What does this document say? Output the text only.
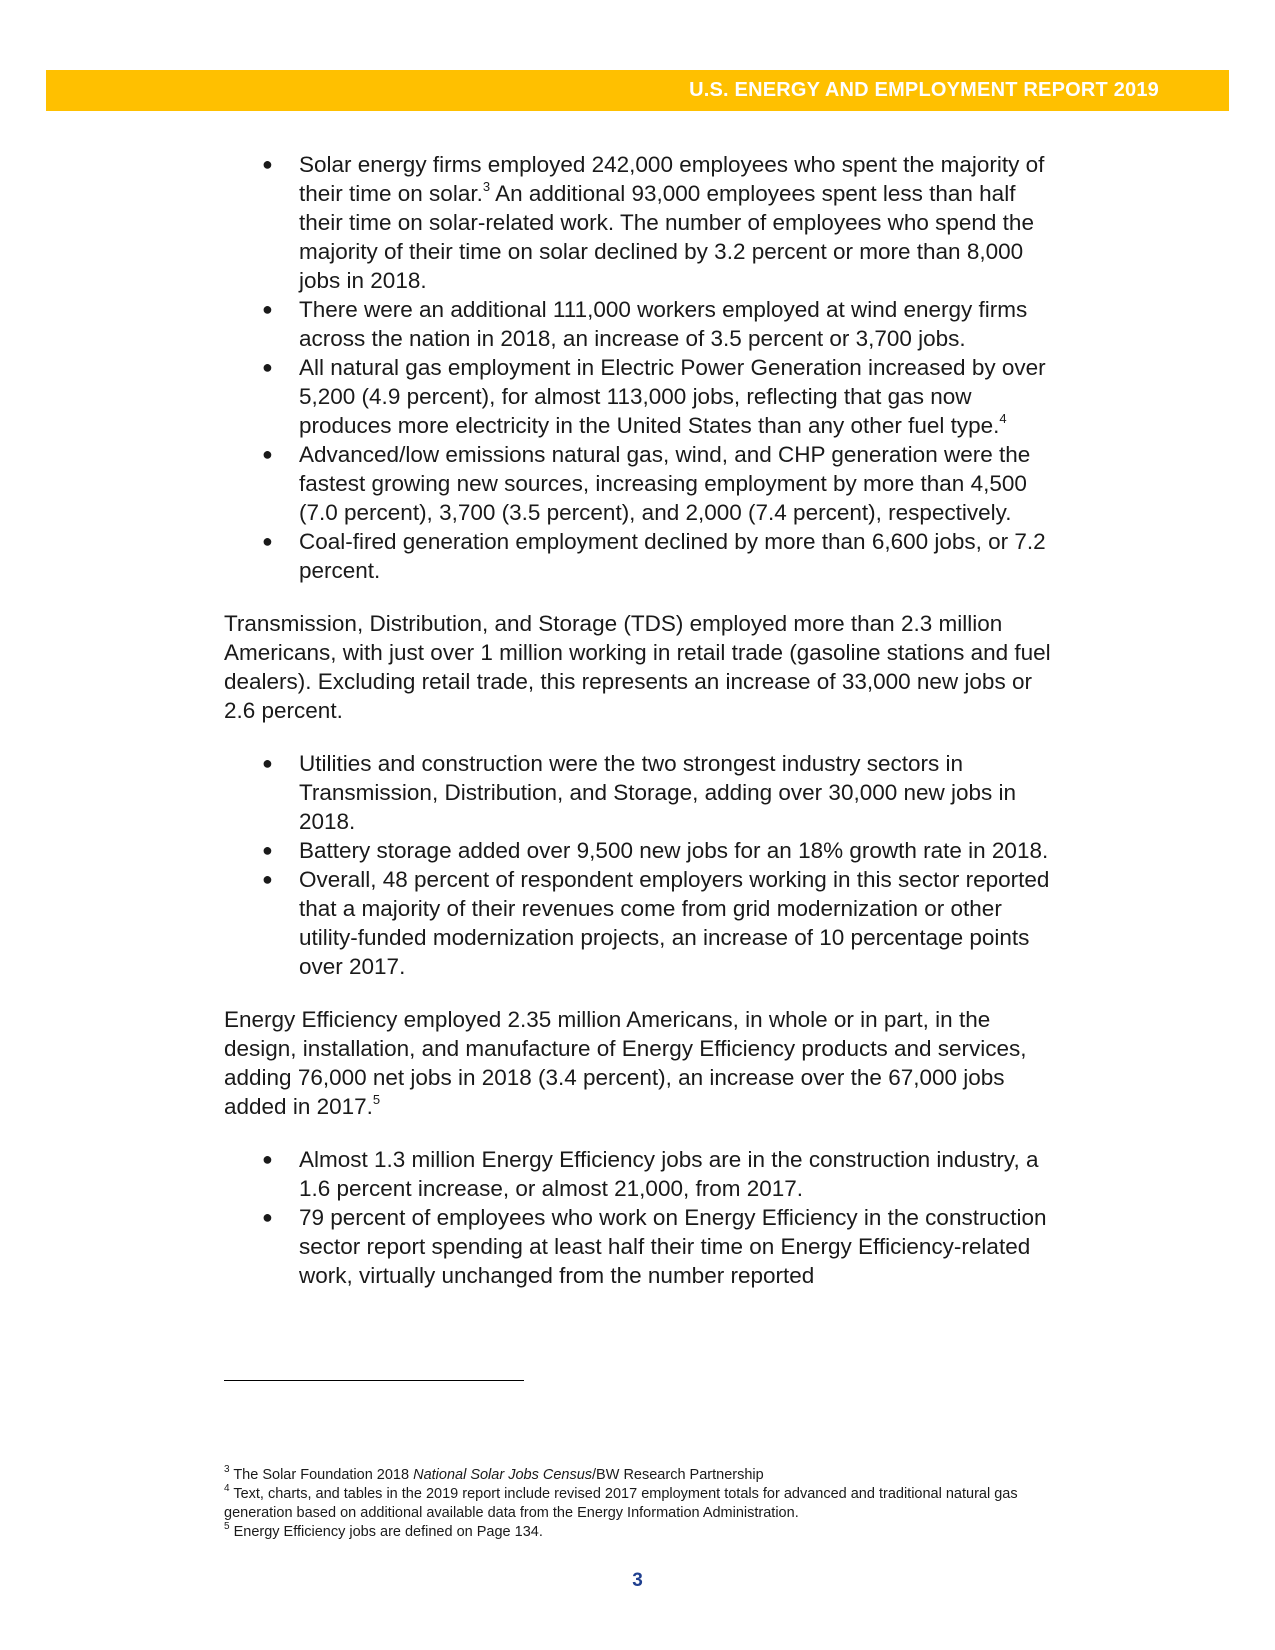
U.S. ENERGY AND EMPLOYMENT REPORT 2019
● Solar energy firms employed 242,000 employees who spent the majority of their time on solar.$^3$ An additional 93,000 employees spent less than half their time on solar-related work. The number of employees who spend the majority of their time on solar declined by 3.2 percent or more than 8,000 jobs in 2018.
● There were an additional 111,000 workers employed at wind energy firms across the nation in 2018, an increase of 3.5 percent or 3,700 jobs.
● All natural gas employment in Electric Power Generation increased by over 5,200 (4.9 percent), for almost 113,000 jobs, reflecting that gas now produces more electricity in the United States than any other fuel type.$^4$
● Advanced/low emissions natural gas, wind, and CHP generation were the fastest growing new sources, increasing employment by more than 4,500 (7.0 percent), 3,700 (3.5 percent), and 2,000 (7.4 percent), respectively.
● Coal-fired generation employment declined by more than 6,600 jobs, or 7.2 percent.

Transmission, Distribution, and Storage (TDS) employed more than 2.3 million Americans, with just over 1 million working in retail trade (gasoline stations and fuel dealers). Excluding retail trade, this represents an increase of 33,000 new jobs or 2.6 percent.

● Utilities and construction were the two strongest industry sectors in Transmission, Distribution, and Storage, adding over 30,000 new jobs in 2018.
● Battery storage added over 9,500 new jobs for an 18% growth rate in 2018.
● Overall, 48 percent of respondent employers working in this sector reported that a majority of their revenues come from grid modernization or other utility-funded modernization projects, an increase of 10 percentage points over 2017.

Energy Efficiency employed 2.35 million Americans, in whole or in part, in the design, installation, and manufacture of Energy Efficiency products and services, adding 76,000 net jobs in 2018 (3.4 percent), an increase over the 67,000 jobs added in 2017.$^5$

● Almost 1.3 million Energy Efficiency jobs are in the construction industry, a 1.6 percent increase, or almost 21,000, from 2017.
● 79 percent of employees who work on Energy Efficiency in the construction sector report spending at least half their time on Energy Efficiency-related work, virtually unchanged from the number reported
$^3$ The Solar Foundation 2018 National Solar Jobs Census/BW Research Partnership
$^4$ Text, charts, and tables in the 2019 report include revised 2017 employment totals for advanced and traditional natural gas generation based on additional available data from the Energy Information Administration.
$^5$ Energy Efficiency jobs are defined on Page 134.
3
